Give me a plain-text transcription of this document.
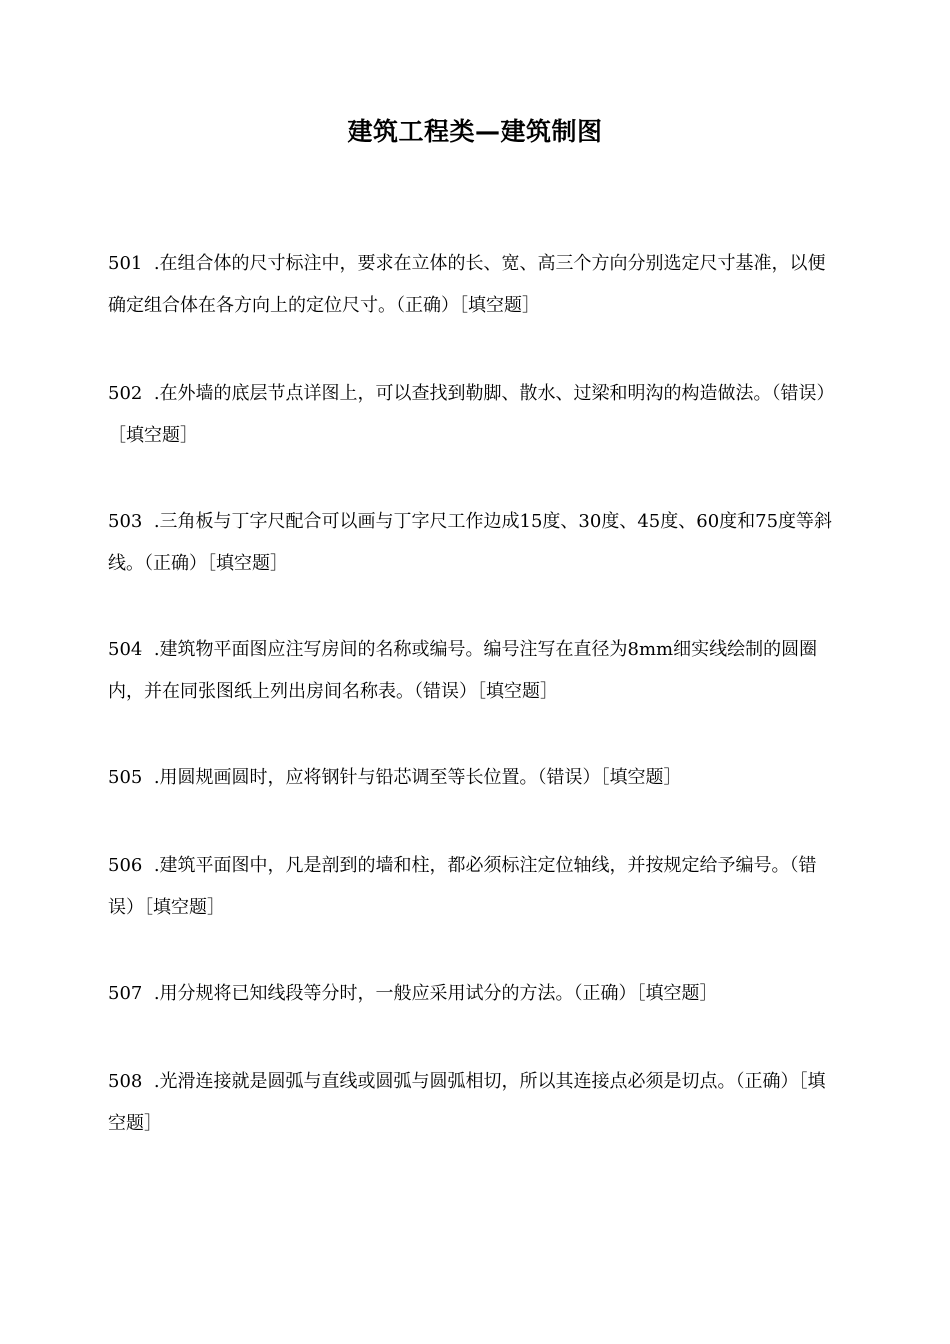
建筑工程类—建筑制图

501 .在组合体的尺寸标注中，要求在立体的长、宽、高三个方向分别选定尺寸基准，以便确定组合体在各方向上的定位尺寸。（正确）［填空题］

502 .在外墙的底层节点详图上，可以查找到勒脚、散水、过梁和明沟的构造做法。（错误）［填空题］

503 .三角板与丁字尺配合可以画与丁字尺工作边成15度、30度、45度、60度和75度等斜线。（正确）［填空题］

504 .建筑物平面图应注写房间的名称或编号。编号注写在直径为8mm细实线绘制的圆圈内，并在同张图纸上列出房间名称表。（错误）［填空题］

505 .用圆规画圆时，应将钢针与铅芯调至等长位置。（错误）［填空题］

506 .建筑平面图中，凡是剖到的墙和柱，都必须标注定位轴线，并按规定给予编号。（错误）［填空题］

507 .用分规将已知线段等分时，一般应采用试分的方法。（正确）［填空题］

508 .光滑连接就是圆弧与直线或圆弧与圆弧相切，所以其连接点必须是切点。（正确）［填空题］
